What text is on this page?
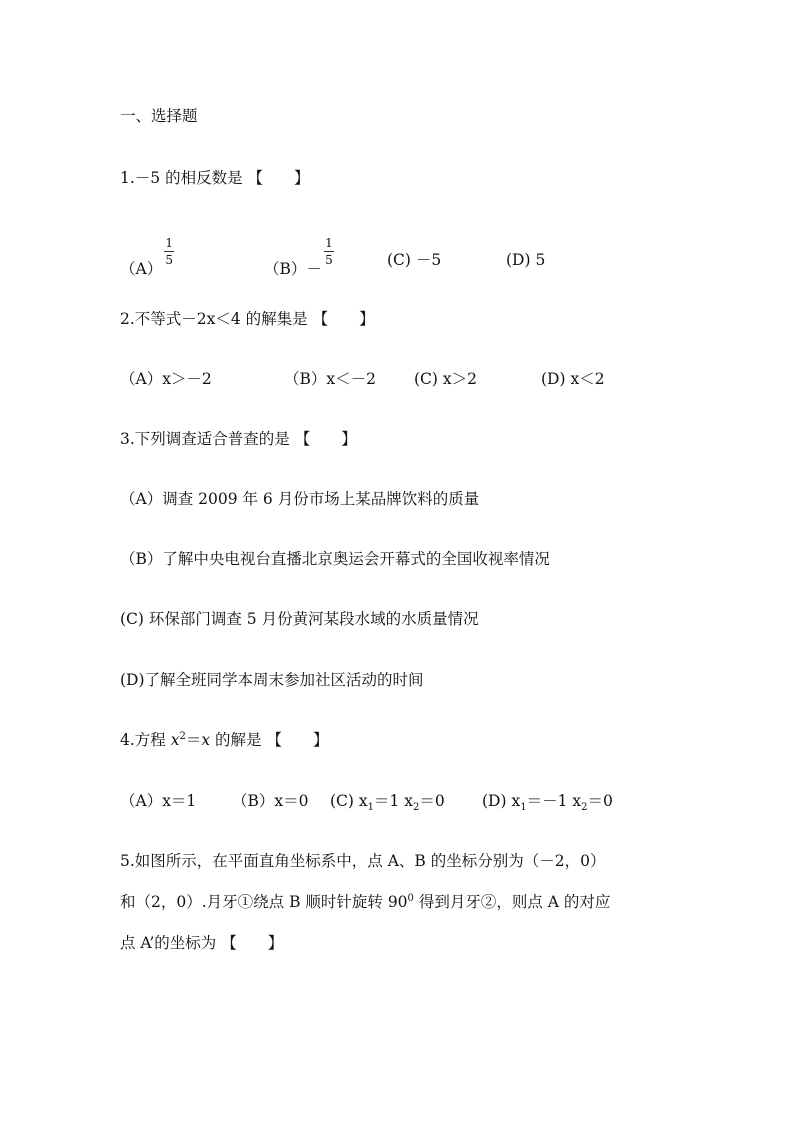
一、选择题
1.－5 的相反数是 【　　】
（A）
$\frac{1}{5}$
（B）－
$\frac{1}{5}$	(C) －5	(D) 5
2.不等式－2x＜4 的解集是 【　　】
（A）x＞－2	（B）x＜－2 (C) x＞2	(D) x＜2
3.下列调查适合普查的是 【　　】
（A）调查 2009 年 6 月份市场上某品牌饮料的质量
（B）了解中央电视台直播北京奥运会开幕式的全国收视率情况
(C) 环保部门调查 5 月份黄河某段水域的水质量情况
(D)了解全班同学本周末参加社区活动的时间
4.方程 $x^2=x$ 的解是 【　　】
（A）x＝1 （B）x＝0 (C) $x_1=1$ $x_2=0$ (D) $x_1=-1$ $x_2=0$
5.如图所示，在平面直角坐标系中，点 A、B 的坐标分别为（－2，0）
和（2，0）.月牙①绕点 B 顺时针旋转 $90^0$ 得到月牙②，则点 A 的对应
点 A’的坐标为 【　　】
